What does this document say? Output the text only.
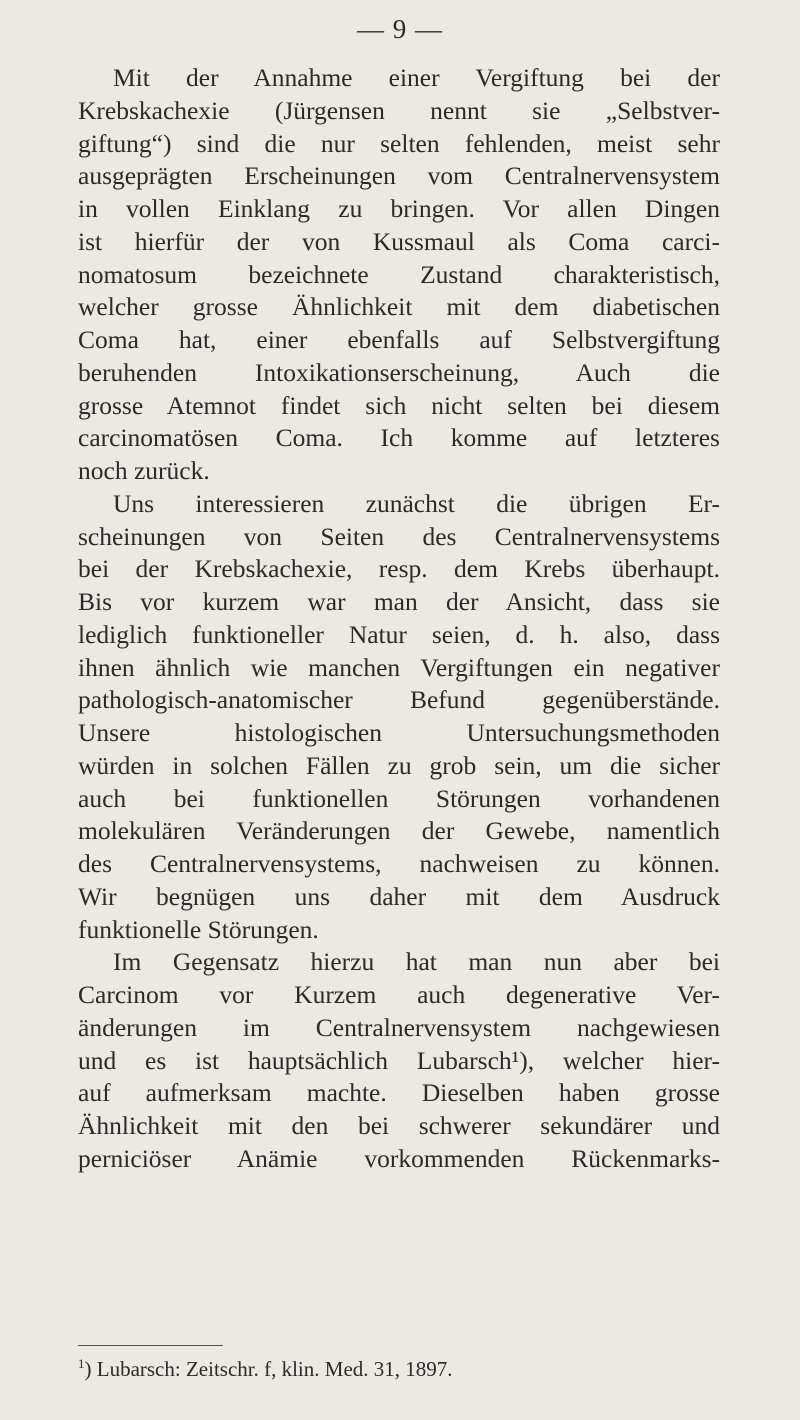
— 9 —
Mit der Annahme einer Vergiftung bei der
Krebskachexie (Jürgensen nennt sie „Selbstver-
giftung“) sind die nur selten fehlenden, meist sehr
ausgeprägten Erscheinungen vom Centralnervensystem
in vollen Einklang zu bringen. Vor allen Dingen
ist hierfür der von Kussmaul als Coma carci-
nomatosum bezeichnete Zustand charakteristisch,
welcher grosse Ähnlichkeit mit dem diabetischen
Coma hat, einer ebenfalls auf Selbstvergiftung
beruhenden Intoxikationserscheinung, Auch die
grosse Atemnot findet sich nicht selten bei diesem
carcinomatösen Coma. Ich komme auf letzteres
noch zurück.
Uns interessieren zunächst die übrigen Er-
scheinungen von Seiten des Centralnervensystems
bei der Krebskachexie, resp. dem Krebs überhaupt.
Bis vor kurzem war man der Ansicht, dass sie
lediglich funktioneller Natur seien, d. h. also, dass
ihnen ähnlich wie manchen Vergiftungen ein negativer
pathologisch-anatomischer Befund gegenüberstände.
Unsere histologischen Untersuchungsmethoden
würden in solchen Fällen zu grob sein, um die sicher
auch bei funktionellen Störungen vorhandenen
molekulären Veränderungen der Gewebe, namentlich
des Centralnervensystems, nachweisen zu können.
Wir begnügen uns daher mit dem Ausdruck
funktionelle Störungen.
Im Gegensatz hierzu hat man nun aber bei
Carcinom vor Kurzem auch degenerative Ver-
änderungen im Centralnervensystem nachgewiesen
und es ist hauptsächlich Lubarsch¹), welcher hier-
auf aufmerksam machte. Dieselben haben grosse
Ähnlichkeit mit den bei schwerer sekundärer und
perniciöser Anämie vorkommenden Rückenmarks-
$^1$) Lubarsch: Zeitschr. f, klin. Med. 31, 1897.
